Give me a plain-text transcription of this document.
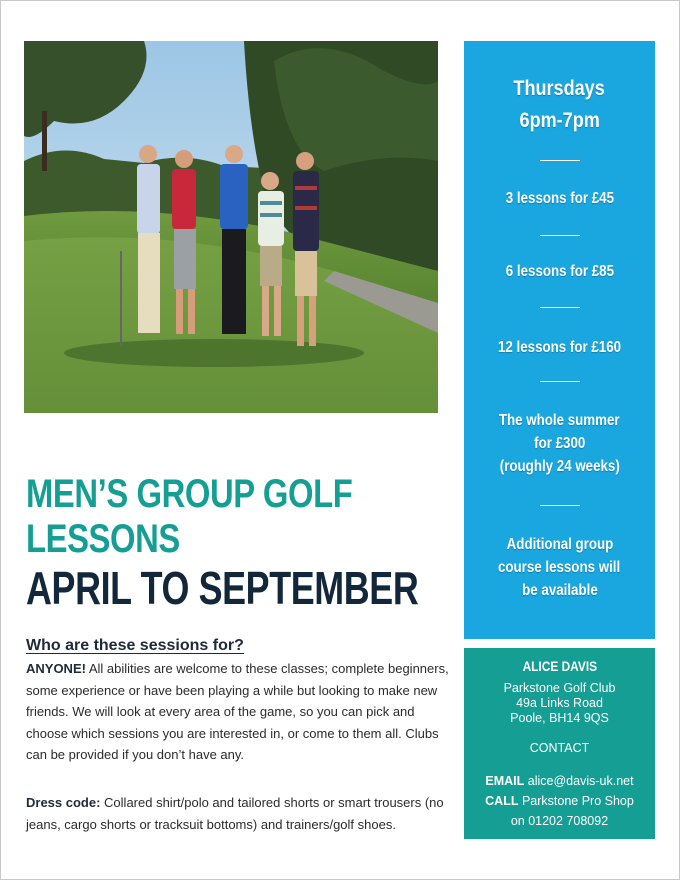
MEN’S GROUP GOLF
LESSONS
APRIL TO SEPTEMBER
Who are these sessions for?
ANYONE! All abilities are welcome to these classes; complete beginners, some experience or have been playing a while but looking to make new friends. We will look at every area of the game, so you can pick and choose which sessions you are interested in, or come to them all. Clubs can be provided if you don’t have any.
Dress code: Collared shirt/polo and tailored shorts or smart trousers (no jeans, cargo shorts or tracksuit bottoms) and trainers/golf shoes.
Thursdays
6pm-7pm
3 lessons for £45
6 lessons for £85
12 lessons for £160
The whole summer
for £300
(roughly 24 weeks)
Additional group
course lessons will
be available
ALICE DAVIS
Parkstone Golf Club
49a Links Road
Poole, BH14 9QS
CONTACT
EMAIL alice@davis-uk.net
CALL Parkstone Pro Shop
on 01202 708092
